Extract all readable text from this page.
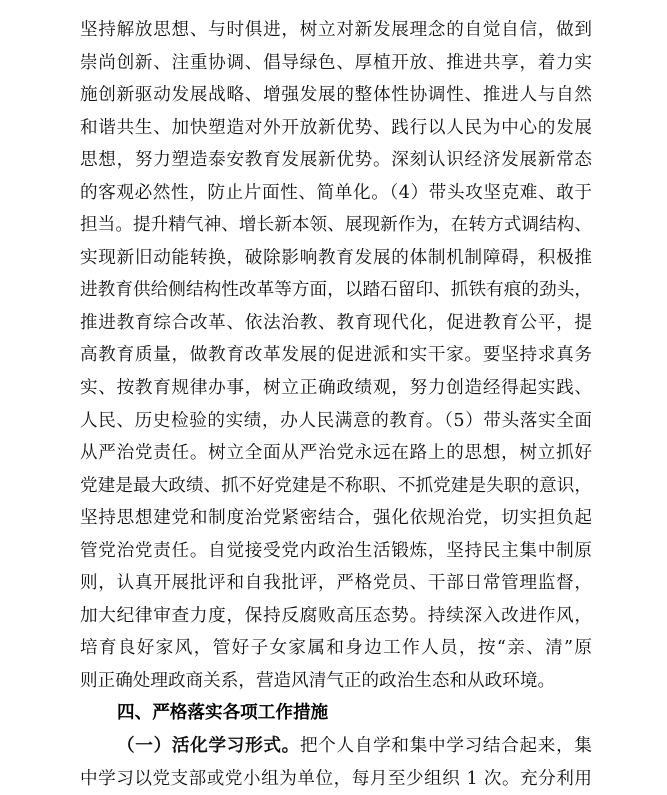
坚持解放思想、与时俱进，树立对新发展理念的自觉自信，做到
崇尚创新、注重协调、倡导绿色、厚植开放、推进共享，着力实
施创新驱动发展战略、增强发展的整体性协调性、推进人与自然
和谐共生、加快塑造对外开放新优势、践行以人民为中心的发展
思想，努力塑造泰安教育发展新优势。深刻认识经济发展新常态
的客观必然性，防止片面性、简单化。（4）带头攻坚克难、敢于
担当。提升精气神、增长新本领、展现新作为，在转方式调结构、
实现新旧动能转换，破除影响教育发展的体制机制障碍，积极推
进教育供给侧结构性改革等方面，以踏石留印、抓铁有痕的劲头，
推进教育综合改革、依法治教、教育现代化，促进教育公平，提
高教育质量，做教育改革发展的促进派和实干家。要坚持求真务
实、按教育规律办事，树立正确政绩观，努力创造经得起实践、
人民、历史检验的实绩，办人民满意的教育。（5）带头落实全面
从严治党责任。树立全面从严治党永远在路上的思想，树立抓好
党建是最大政绩、抓不好党建是不称职、不抓党建是失职的意识，
坚持思想建党和制度治党紧密结合，强化依规治党，切实担负起
管党治党责任。自觉接受党内政治生活锻炼，坚持民主集中制原
则，认真开展批评和自我批评，严格党员、干部日常管理监督，
加大纪律审查力度，保持反腐败高压态势。持续深入改进作风，
培育良好家风，管好子女家属和身边工作人员，按“亲、清”原
则正确处理政商关系，营造风清气正的政治生态和从政环境。
四、严格落实各项工作措施
（一）活化学习形式。把个人自学和集中学习结合起来，集
中学习以党支部或党小组为单位，每月至少组织 1 次。充分利用
